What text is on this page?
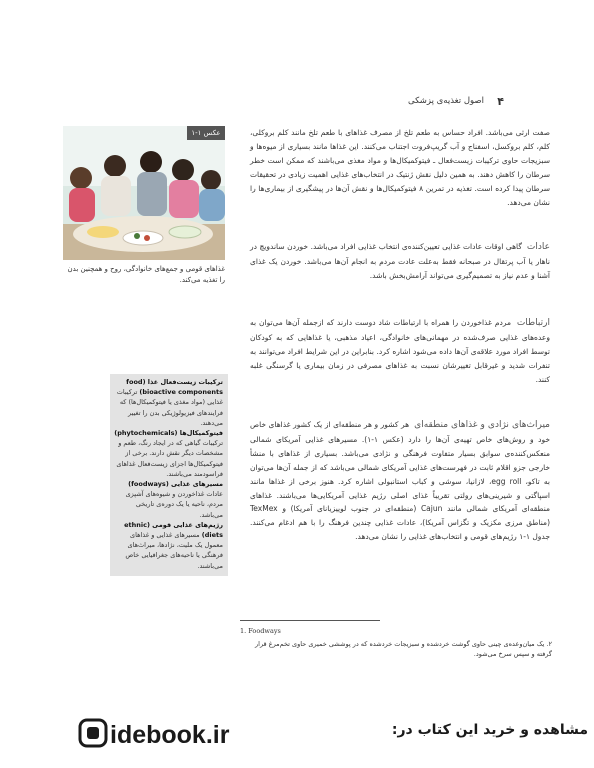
۴
اصول تغذیه‌ی پزشکی

صفت ارثی می‌باشد. افراد حساس به طعم تلخ از مصرف غذاهای با طعم تلخ مانند کلم بروکلی، کلم، کلم بروکسل، اسفناج و آب گریپ‌فروت اجتناب می‌کنند. این غذاها مانند بسیاری از میوه‌ها و سبزیجات حاوی ترکیبات زیست‌فعال ـ فیتوکمیکال‌ها و مواد مغذی می‌باشند که ممکن است خطر سرطان را کاهش دهند. به همین دلیل نقش ژنتیک در انتخاب‌های غذایی اهمیت زیادی در تحقیقات سرطان پیدا کرده است. تغذیه در تمرین ۸ فیتوکمیکال‌ها و نقش آن‌ها در پیشگیری از بیماری‌ها را نشان می‌دهد.

عادات  گاهی اوقات عادات غذایی تعیین‌کننده‌ی انتخاب غذایی افراد می‌باشد. خوردن ساندویچ در ناهار یا آب پرتقال در صبحانه فقط به‌علت عادت مردم به انجام آن‌ها می‌باشد. خوردن یک غذای آشنا و عدم نیاز به تصمیم‌گیری می‌تواند آرامش‌بخش باشد.

ارتباطات  مردم غذاخوردن را همراه با ارتباطات شاد دوست دارند که ازجمله آن‌ها می‌توان به وعده‌های غذایی صرف‌شده در مهمانی‌های خانوادگی، اعیاد مذهبی، یا غذاهایی که به کودکان توسط افراد مورد علاقه‌ی آن‌ها داده می‌شود اشاره کرد. بنابراین در این شرایط افراد می‌توانند به تنفرات شدید و غیرقابل تغییرشان نسبت به غذاهای مصرفی در زمان بیماری یا گرسنگی غلبه کنند.

میراث‌های نژادی و غذاهای منطقه‌ای  هر کشور و هر منطقه‌ای از یک کشور غذاهای خاص خود و روش‌های خاص تهیه‌ی آن‌ها را دارد (عکس ۱-۱). مسیرهای غذایی آمریکای شمالی منعکس‌کننده‌ی سوابق بسیار متفاوت فرهنگی و نژادی می‌باشد. بسیاری از غذاهای با منشأ خارجی جزو اقلام ثابت در فهرست‌های غذایی آمریکای شمالی می‌باشد که از جمله آن‌ها می‌توان به تاکو، egg roll، لازانیا، سوشی و کباب استانبولی اشاره کرد. هنوز برخی از غذاها مانند اسپاگتی و شیرینی‌های رولتی تقریباً غذای اصلی رژیم غذایی آمریکایی‌ها می‌باشند. غذاهای منطقه‌ای آمریکای شمالی مانند Cajun (منطقه‌ای در جنوب لوییزیانای آمریکا) و TexMex (مناطق مرزی مکزیک و تگزاس آمریکا)، عادات غذایی چندین فرهنگ را با هم ادغام می‌کنند. جدول ۱-۱ رژیم‌های قومی و انتخاب‌های غذایی را نشان می‌دهد.

عکس ۱-۱
غذاهای قومی و جمع‌های خانوادگی، روح و همچنین بدن را تغذیه می‌کند.
ترکیبات زیست‌فعال غذا (food bioactive components) ترکیبات غذایی (مواد مغذی یا فیتوکمیکال‌ها) که فرایندهای فیزیولوژیکی بدن را تغییر می‌دهند.
فیتوکمیکال‌ها (phytochemicals) ترکیبات گیاهی که در ایجاد رنگ، طعم و مشخصات دیگر نقش دارند. برخی از فیتوکمیکال‌ها اجزای زیست‌فعال غذاهای فراسودمند می‌باشند.
مسیرهای غذایی (foodways) عادات غذاخوردن و شیوه‌های آشپزی مردم، ناحیه یا یک دوره‌ی تاریخی می‌باشد.
رژیم‌های غذایی قومی (ethnic diets) مسیرهای غذایی و غذاهای معمول یک ملیت، نژادها، میراث‌های فرهنگی یا ناحیه‌های جغرافیایی خاص می‌باشند.
1. Foodways
۲. یک میان‌وعده‌ی چینی حاوی گوشت خردشده و سبزیجات خردشده که در پوششی خمیری حاوی تخم‌مرغ قرار گرفته و سپس سرخ می‌شود.
idebook.ir	مشاهده و خرید این کتاب در:
